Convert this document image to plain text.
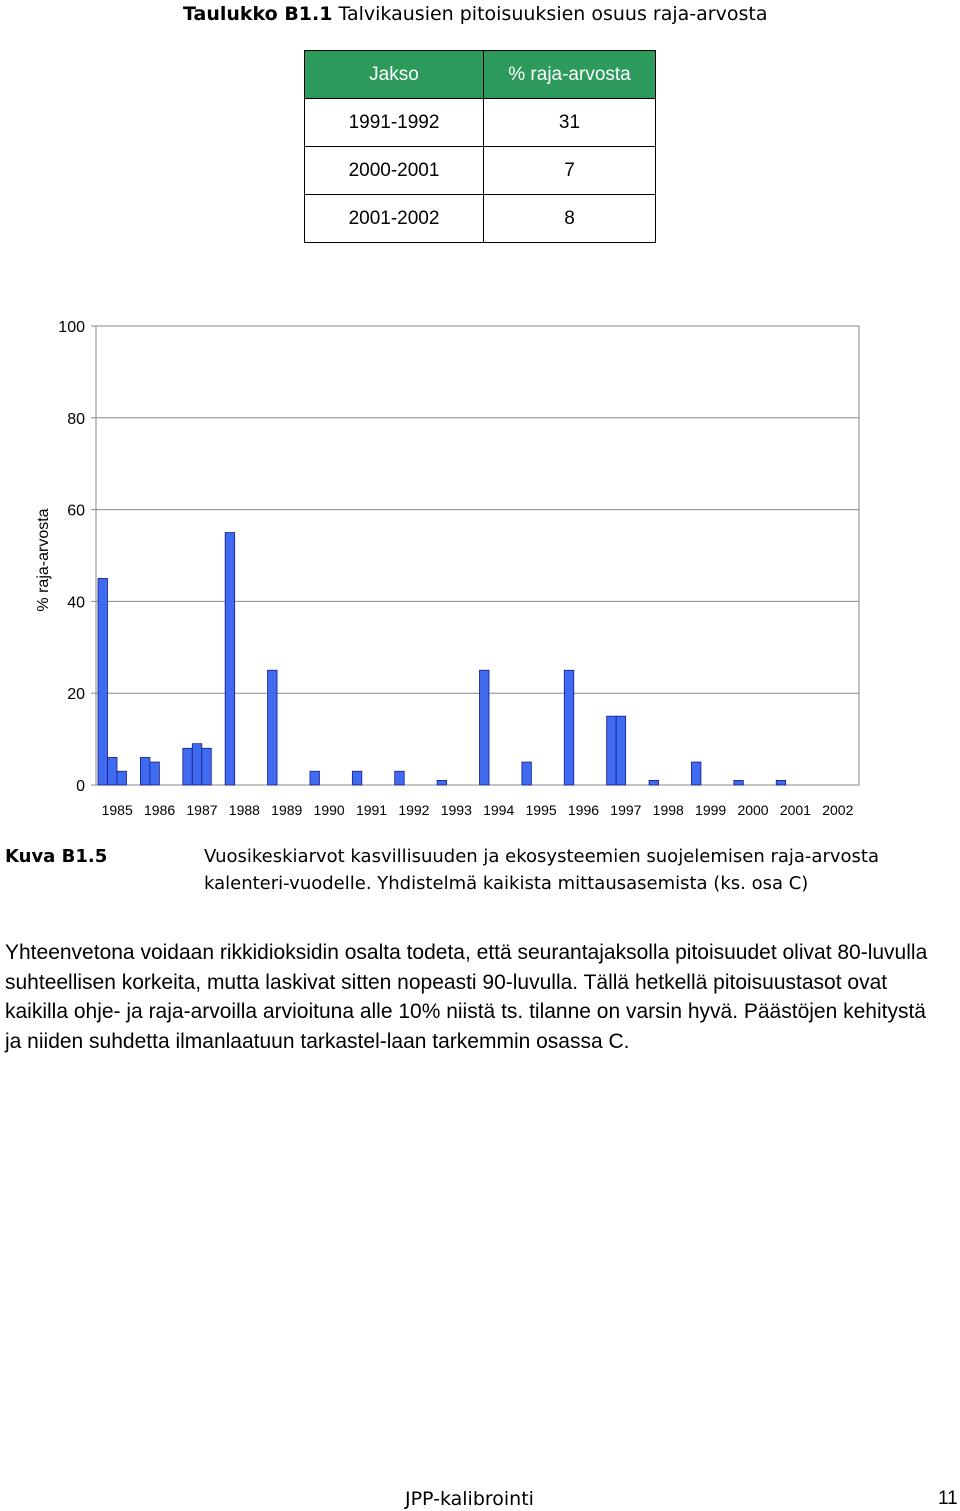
Taulukko B1.1 Talvikausien pitoisuuksien osuus raja-arvosta
Jakso	% raja-arvosta
1991-1992	31
2000-2001	7
2001-2002	8
0
20
40
60
80
100
% raja-arvosta
1985 1986 1987 1988 1989 1990 1991 1992 1993 1994 1995 1996 1997 1998 1999 2000 2001 2002
Kuva B1.5	Vuosikeskiarvot kasvillisuuden ja ekosysteemien suojelemisen raja-arvosta kalenteri-vuodelle. Yhdistelmä kaikista mittausasemista (ks. osa C)
Yhteenvetona voidaan rikkidioksidin osalta todeta, että seurantajaksolla pitoisuudet olivat 80-luvulla suhteellisen korkeita, mutta laskivat sitten nopeasti 90-luvulla. Tällä hetkellä pitoisuustasot ovat kaikilla ohje- ja raja-arvoilla arvioituna alle 10% niistä ts. tilanne on varsin hyvä. Päästöjen kehitystä ja niiden suhdetta ilmanlaatuun tarkastel-laan tarkemmin osassa C.
JPP-kalibrointi	11
